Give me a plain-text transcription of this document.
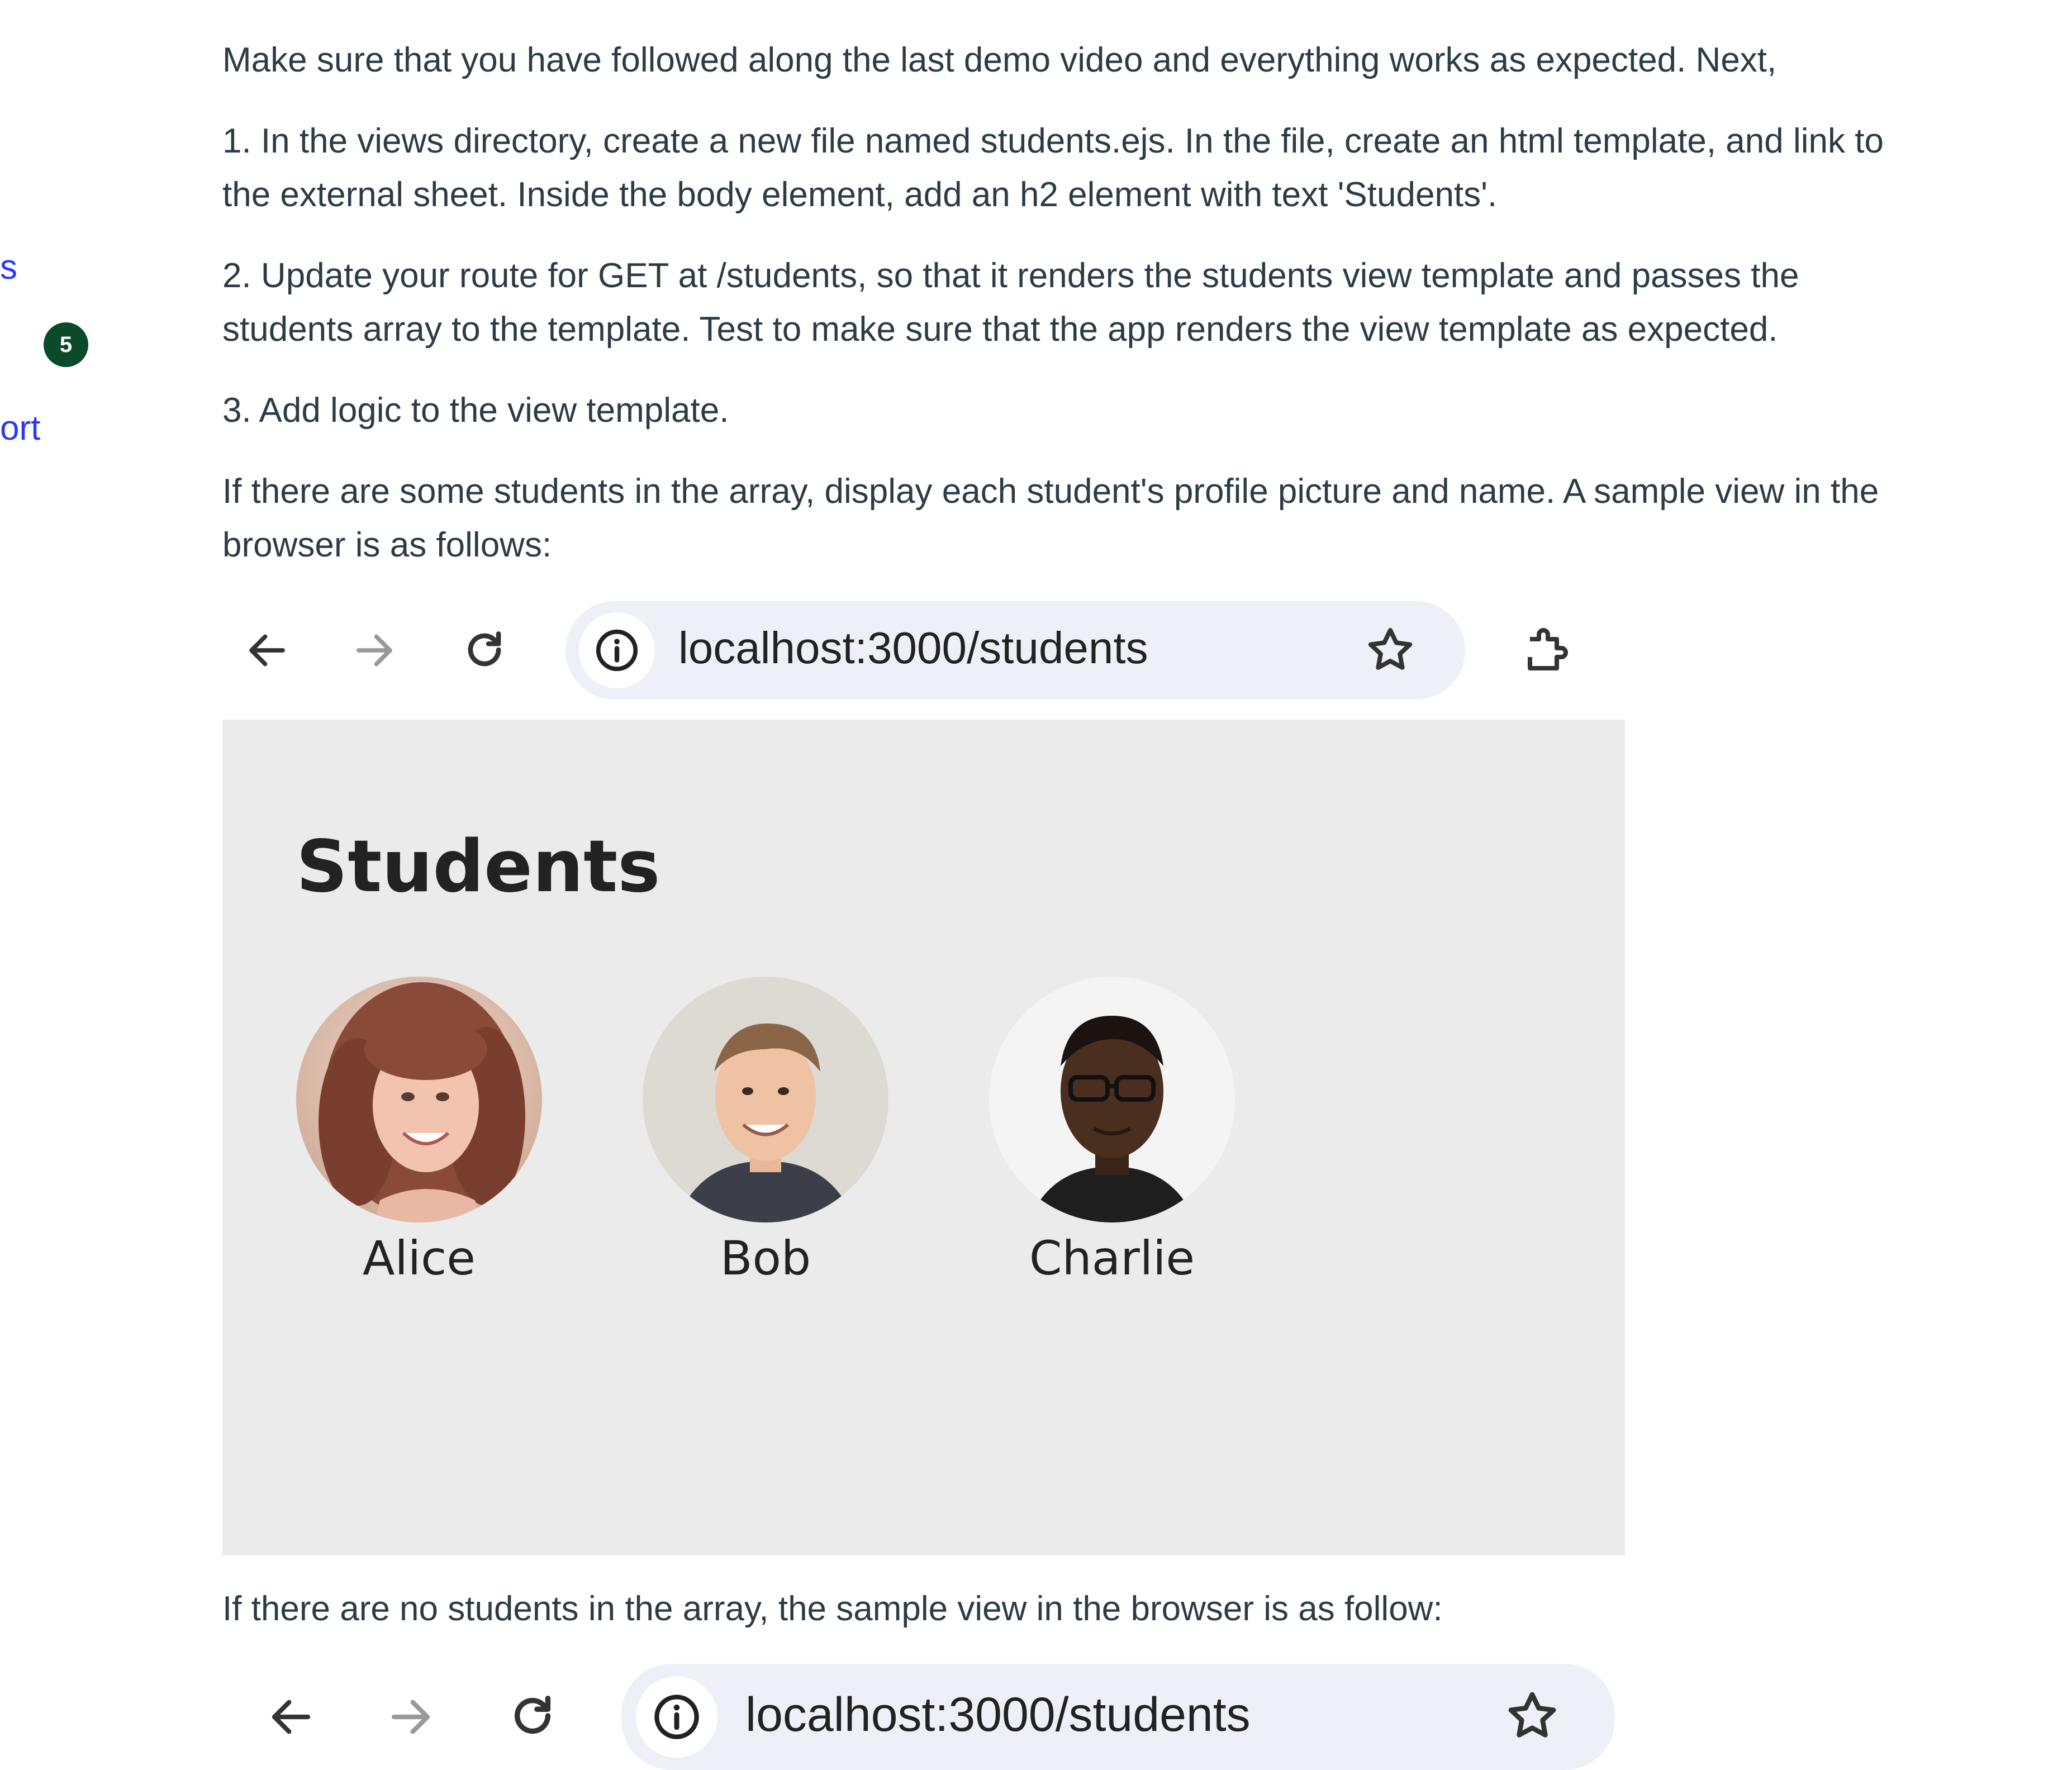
s
5
ort

Make sure that you have followed along the last demo video and everything works as expected. Next,

1. In the views directory, create a new file named students.ejs. In the file, create an html template, and link to

the external sheet. Inside the body element, add an h2 element with text 'Students'.

2. Update your route for GET at /students, so that it renders the students view template and passes the

students array to the template. Test to make sure that the app renders the view template as expected.

3. Add logic to the view template.

If there are some students in the array, display each student's profile picture and name. A sample view in the

browser is as follows:

localhost:3000/students
Students
Alice	Bob	Charlie

If there are no students in the array, the sample view in the browser is as follow:

localhost:3000/students
